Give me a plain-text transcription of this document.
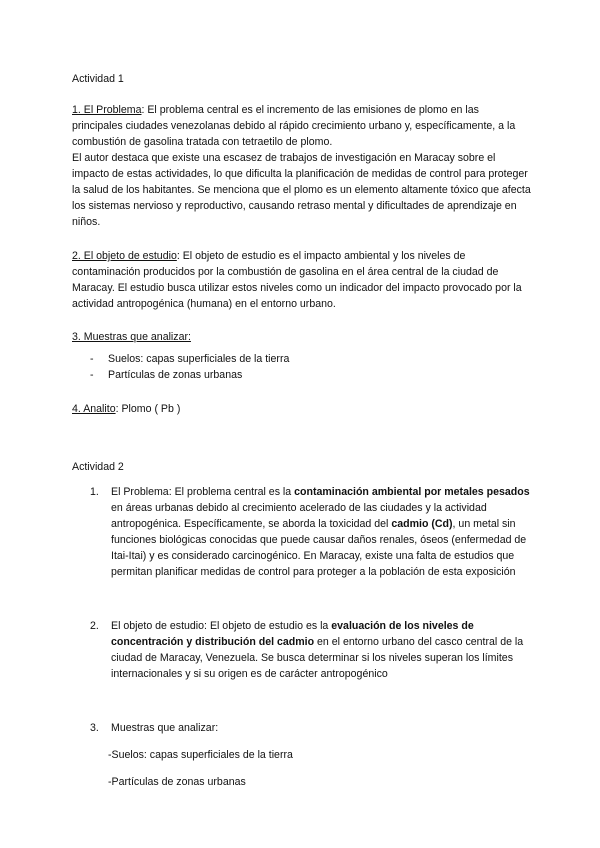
Actividad 1

1. El Problema: El problema central es el incremento de las emisiones de plomo en las principales ciudades venezolanas debido al rápido crecimiento urbano y, específicamente, a la combustión de gasolina tratada con tetraetilo de plomo.

El autor destaca que existe una escasez de trabajos de investigación en Maracay sobre el impacto de estas actividades, lo que dificulta la planificación de medidas de control para proteger la salud de los habitantes. Se menciona que el plomo es un elemento altamente tóxico que afecta los sistemas nervioso y reproductivo, causando retraso mental y dificultades de aprendizaje en niños.

2. El objeto de estudio: El objeto de estudio es el impacto ambiental y los niveles de contaminación producidos por la combustión de gasolina en el área central de la ciudad de Maracay. El estudio busca utilizar estos niveles como un indicador del impacto provocado por la actividad antropogénica (humana) en el entorno urbano.

3. Muestras que analizar:

- Suelos: capas superficiales de la tierra
- Partículas de zonas urbanas

4. Analito: Plomo ( Pb )

Actividad 2

1. El Problema: El problema central es la contaminación ambiental por metales pesados en áreas urbanas debido al crecimiento acelerado de las ciudades y la actividad antropogénica. Específicamente, se aborda la toxicidad del cadmio (Cd), un metal sin funciones biológicas conocidas que puede causar daños renales, óseos (enfermedad de Itai-Itai) y es considerado carcinogénico. En Maracay, existe una falta de estudios que permitan planificar medidas de control para proteger a la población de esta exposición

2. El objeto de estudio: El objeto de estudio es la evaluación de los niveles de concentración y distribución del cadmio en el entorno urbano del casco central de la ciudad de Maracay, Venezuela. Se busca determinar si los niveles superan los límites internacionales y si su origen es de carácter antropogénico

3. Muestras que analizar:

-Suelos: capas superficiales de la tierra

-Partículas de zonas urbanas
